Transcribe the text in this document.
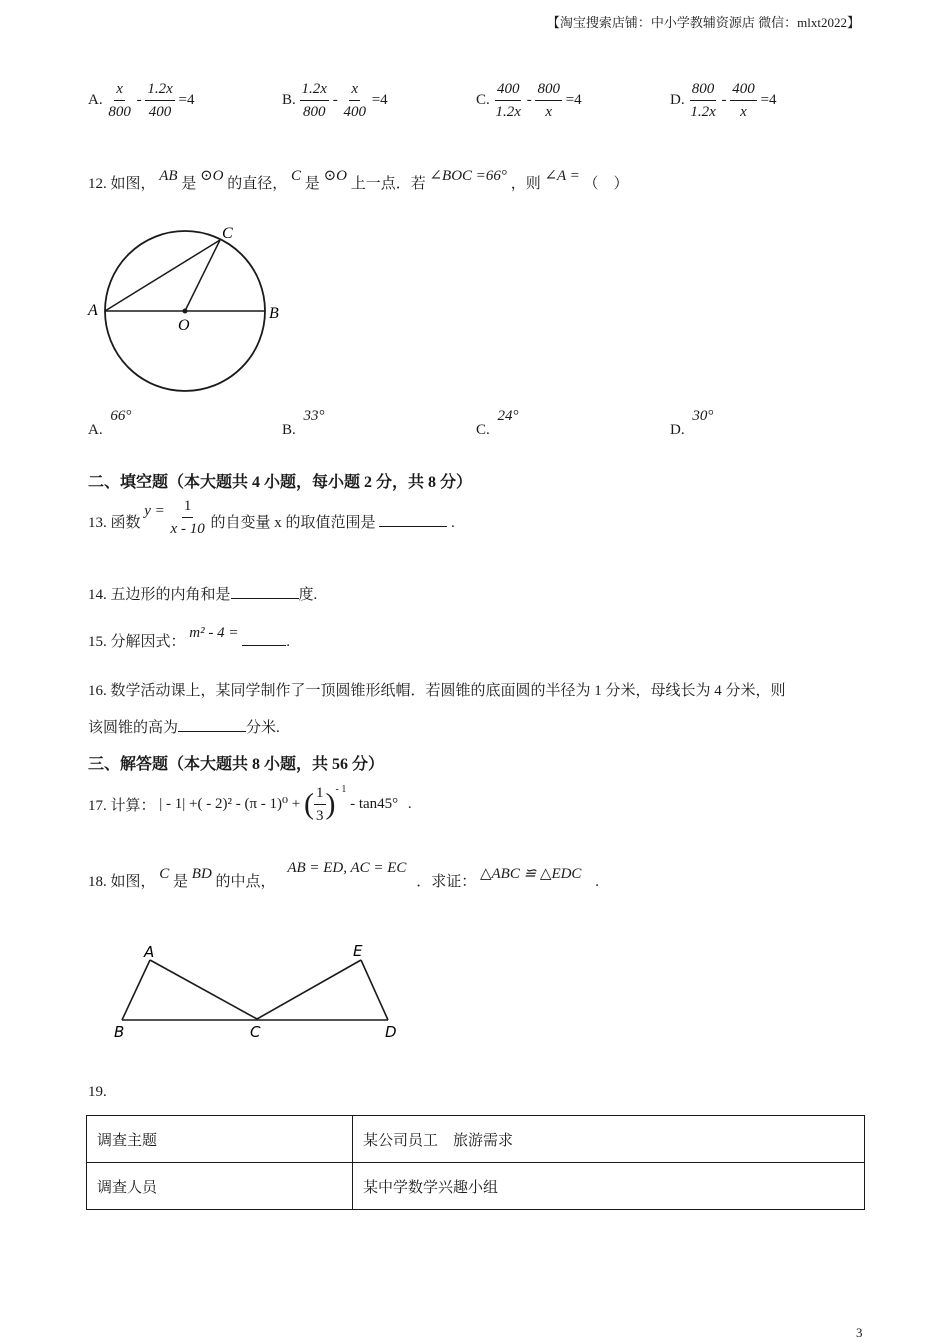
【淘宝搜索店铺：中小学教辅资源店 微信：mlxt2022】
A. $\frac{x}{800} - \frac{1.2x}{400} =4$	B. $\frac{1.2x}{800} - \frac{x}{400} =4$	C. $\frac{400}{1.2x} - \frac{800}{x} =4$	D. $\frac{800}{1.2x} - \frac{400}{x} =4$
12. 如图， AB 是 ⊙O 的直径， C 是 ⊙O 上一点．若 ∠BOC =66° ，则 ∠A = （　）
A	B
C
O
A. 66°
B. 33°
C. 24°
D. 30°
二、填空题（本大题共 4 小题，每小题 2 分，共 8 分）
13. 函数 $y = \frac{1}{x - 10}$ 的自变量 x 的取值范围是	.
14. 五边形的内角和是	度.
15. 分解因式： m² - 4 = .
16. 数学活动课上，某同学制作了一顶圆锥形纸帽．若圆锥的底面圆的半径为 1 分米，母线长为 4 分米，则
该圆锥的高为	分米.
三、解答题（本大题共 8 小题，共 56 分）
17. 计算： | - 1| +( - 2)² - (π - 1)⁰ + ( $\frac{1}{3} )^{- 1} - \tan 45^\circ$ .
18. 如图， C 是 BD 的中点， AB = ED, AC = EC ．求证： △ABC ≌ △EDC .
A
B	C	D
E
19.
调查主题	某公司员工　旅游需求
调查人员	某中学数学兴趣小组
3
